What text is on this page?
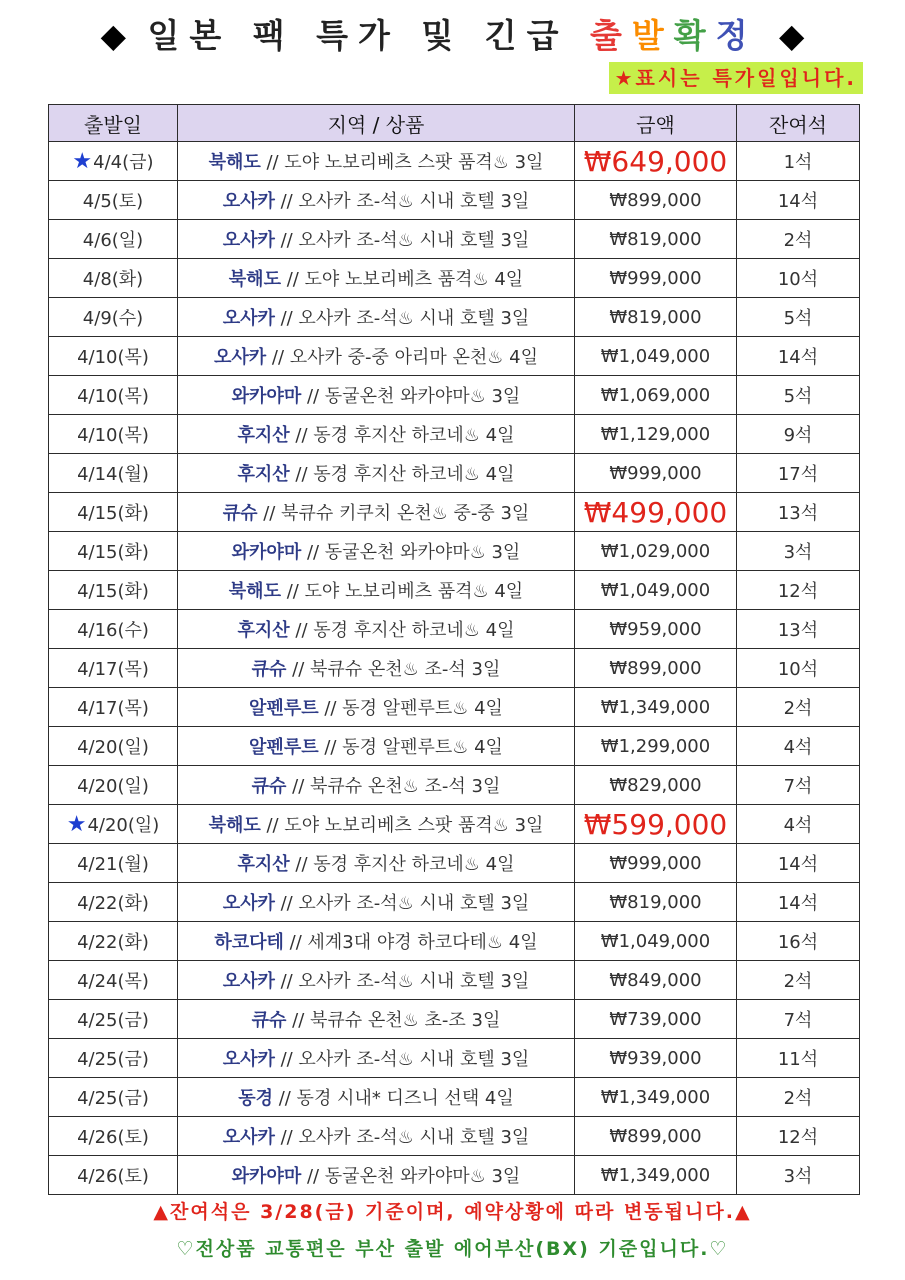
◆ 일본 팩 특가 및 긴급 출발확정 ◆
★표시는 특가일입니다.
출발일	지역 / 상품	금액	잔여석
★4/4(금)	북해도 // 도야 노보리베츠 스팟 품격♨ 3일	₩649,000	1석
4/5(토)	오사카 // 오사카 조-석♨ 시내 호텔 3일	₩899,000	14석
4/6(일)	오사카 // 오사카 조-석♨ 시내 호텔 3일	₩819,000	2석
4/8(화)	북해도 // 도야 노보리베츠 품격♨ 4일	₩999,000	10석
4/9(수)	오사카 // 오사카 조-석♨ 시내 호텔 3일	₩819,000	5석
4/10(목)	오사카 // 오사카 중-중 아리마 온천♨ 4일	₩1,049,000	14석
4/10(목)	와카야마 // 동굴온천 와카야마♨ 3일	₩1,069,000	5석
4/10(목)	후지산 // 동경 후지산 하코네♨ 4일	₩1,129,000	9석
4/14(월)	후지산 // 동경 후지산 하코네♨ 4일	₩999,000	17석
4/15(화)	큐슈 // 북큐슈 키쿠치 온천♨ 중-중 3일	₩499,000	13석
4/15(화)	와카야마 // 동굴온천 와카야마♨ 3일	₩1,029,000	3석
4/15(화)	북해도 // 도야 노보리베츠 품격♨ 4일	₩1,049,000	12석
4/16(수)	후지산 // 동경 후지산 하코네♨ 4일	₩959,000	13석
4/17(목)	큐슈 // 북큐슈 온천♨ 조-석 3일	₩899,000	10석
4/17(목)	알펜루트 // 동경 알펜루트♨ 4일	₩1,349,000	2석
4/20(일)	알펜루트 // 동경 알펜루트♨ 4일	₩1,299,000	4석
4/20(일)	큐슈 // 북큐슈 온천♨ 조-석 3일	₩829,000	7석
★4/20(일)	북해도 // 도야 노보리베츠 스팟 품격♨ 3일	₩599,000	4석
4/21(월)	후지산 // 동경 후지산 하코네♨ 4일	₩999,000	14석
4/22(화)	오사카 // 오사카 조-석♨ 시내 호텔 3일	₩819,000	14석
4/22(화)	하코다테 // 세계3대 야경 하코다테♨ 4일	₩1,049,000	16석
4/24(목)	오사카 // 오사카 조-석♨ 시내 호텔 3일	₩849,000	2석
4/25(금)	큐슈 // 북큐슈 온천♨ 초-조 3일	₩739,000	7석
4/25(금)	오사카 // 오사카 조-석♨ 시내 호텔 3일	₩939,000	11석
4/25(금)	동경 // 동경 시내* 디즈니 선택 4일	₩1,349,000	2석
4/26(토)	오사카 // 오사카 조-석♨ 시내 호텔 3일	₩899,000	12석
4/26(토)	와카야마 // 동굴온천 와카야마♨ 3일	₩1,349,000	3석
▲잔여석은 3/28(금) 기준이며, 예약상황에 따라 변동됩니다.▲
♡전상품 교통편은 부산 출발 에어부산(BX) 기준입니다.♡
